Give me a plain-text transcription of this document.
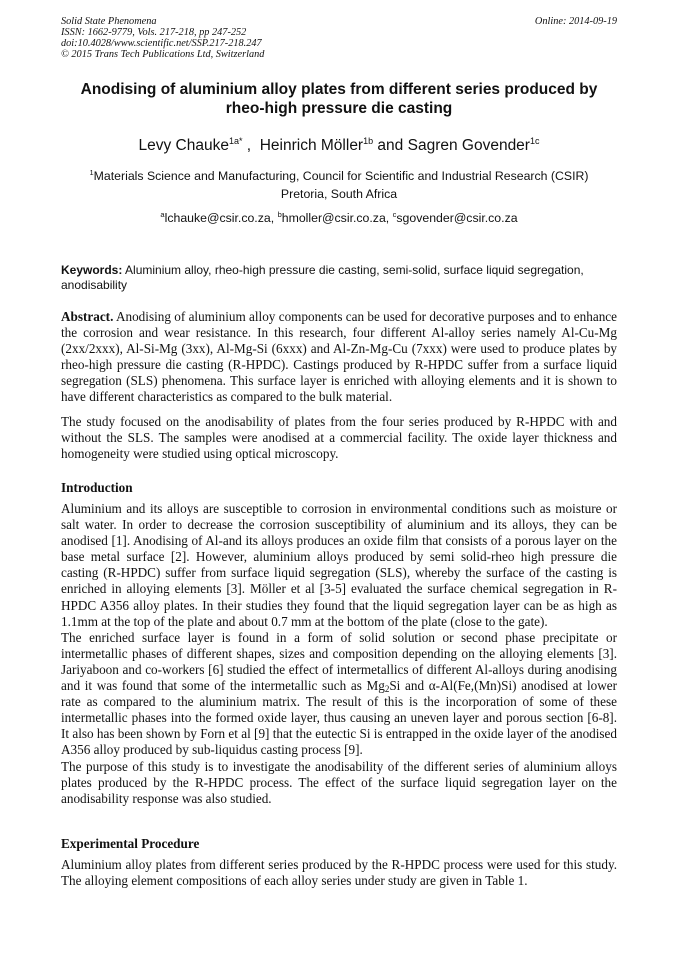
Solid State Phenomena
ISSN: 1662-9779, Vols. 217-218, pp 247-252
doi:10.4028/www.scientific.net/SSP.217-218.247
© 2015 Trans Tech Publications Ltd, Switzerland
Online: 2014-09-19
Anodising of aluminium alloy plates from different series produced by
rheo-high pressure die casting
Levy Chauke$^{1a*}$ ,  Heinrich Möller$^{1b}$ and Sagren Govender$^{1c}$
$^1$Materials Science and Manufacturing, Council for Scientific and Industrial Research (CSIR)
Pretoria, South Africa
$^a$lchauke@csir.co.za, $^b$hmoller@csir.co.za, $^c$sgovender@csir.co.za
Keywords: Aluminium alloy, rheo-high pressure die casting, semi-solid, surface liquid segregation, anodisability

Abstract. Anodising of aluminium alloy components can be used for decorative purposes and to enhance the corrosion and wear resistance. In this research, four different Al-alloy series namely Al-Cu-Mg (2xx/2xxx), Al-Si-Mg (3xx), Al-Mg-Si (6xxx) and Al-Zn-Mg-Cu (7xxx) were used to produce plates by rheo-high pressure die casting (R-HPDC). Castings produced by R-HPDC suffer from a surface liquid segregation (SLS) phenomena. This surface layer is enriched with alloying elements and it is shown to have different characteristics as compared to the bulk material.

The study focused on the anodisability of plates from the four series produced by R-HPDC with and without the SLS. The samples were anodised at a commercial facility. The oxide layer thickness and homogeneity were studied using optical microscopy.

Introduction

Aluminium and its alloys are susceptible to corrosion in environmental conditions such as moisture or salt water. In order to decrease the corrosion susceptibility of aluminium and its alloys, they can be anodised [1]. Anodising of Al-and its alloys produces an oxide film that consists of a porous layer on the base metal surface [2]. However, aluminium alloys produced by semi solid-rheo high pressure die casting (R-HPDC) suffer from surface liquid segregation (SLS), whereby the surface of the casting is enriched in alloying elements [3]. Möller et al [3-5] evaluated the surface chemical segregation in R-HPDC A356 alloy plates. In their studies they found that the liquid segregation layer can be as high as 1.1mm at the top of the plate and about 0.7 mm at the bottom of the plate (close to the gate).

The enriched surface layer is found in a form of solid solution or second phase precipitate or intermetallic phases of different shapes, sizes and composition depending on the alloying elements [3]. Jariyaboon and co-workers [6] studied the effect of intermetallics of different Al-alloys during anodising and it was found that some of the intermetallic such as $Mg_2Si$ and α-Al(Fe,(Mn)Si) anodised at lower rate as compared to the aluminium matrix. The result of this is the incorporation of some of these intermetallic phases into the formed oxide layer, thus causing an uneven layer and porous section [6-8]. It also has been shown by Forn et al [9] that the eutectic Si is entrapped in the oxide layer of the anodised A356 alloy produced by sub-liquidus casting process [9].

The purpose of this study is to investigate the anodisability of the different series of aluminium alloys plates produced by the R-HPDC process. The effect of the surface liquid segregation layer on the anodisability response was also studied.

Experimental Procedure

Aluminium alloy plates from different series produced by the R-HPDC process were used for this study. The alloying element compositions of each alloy series under study are given in Table 1.
